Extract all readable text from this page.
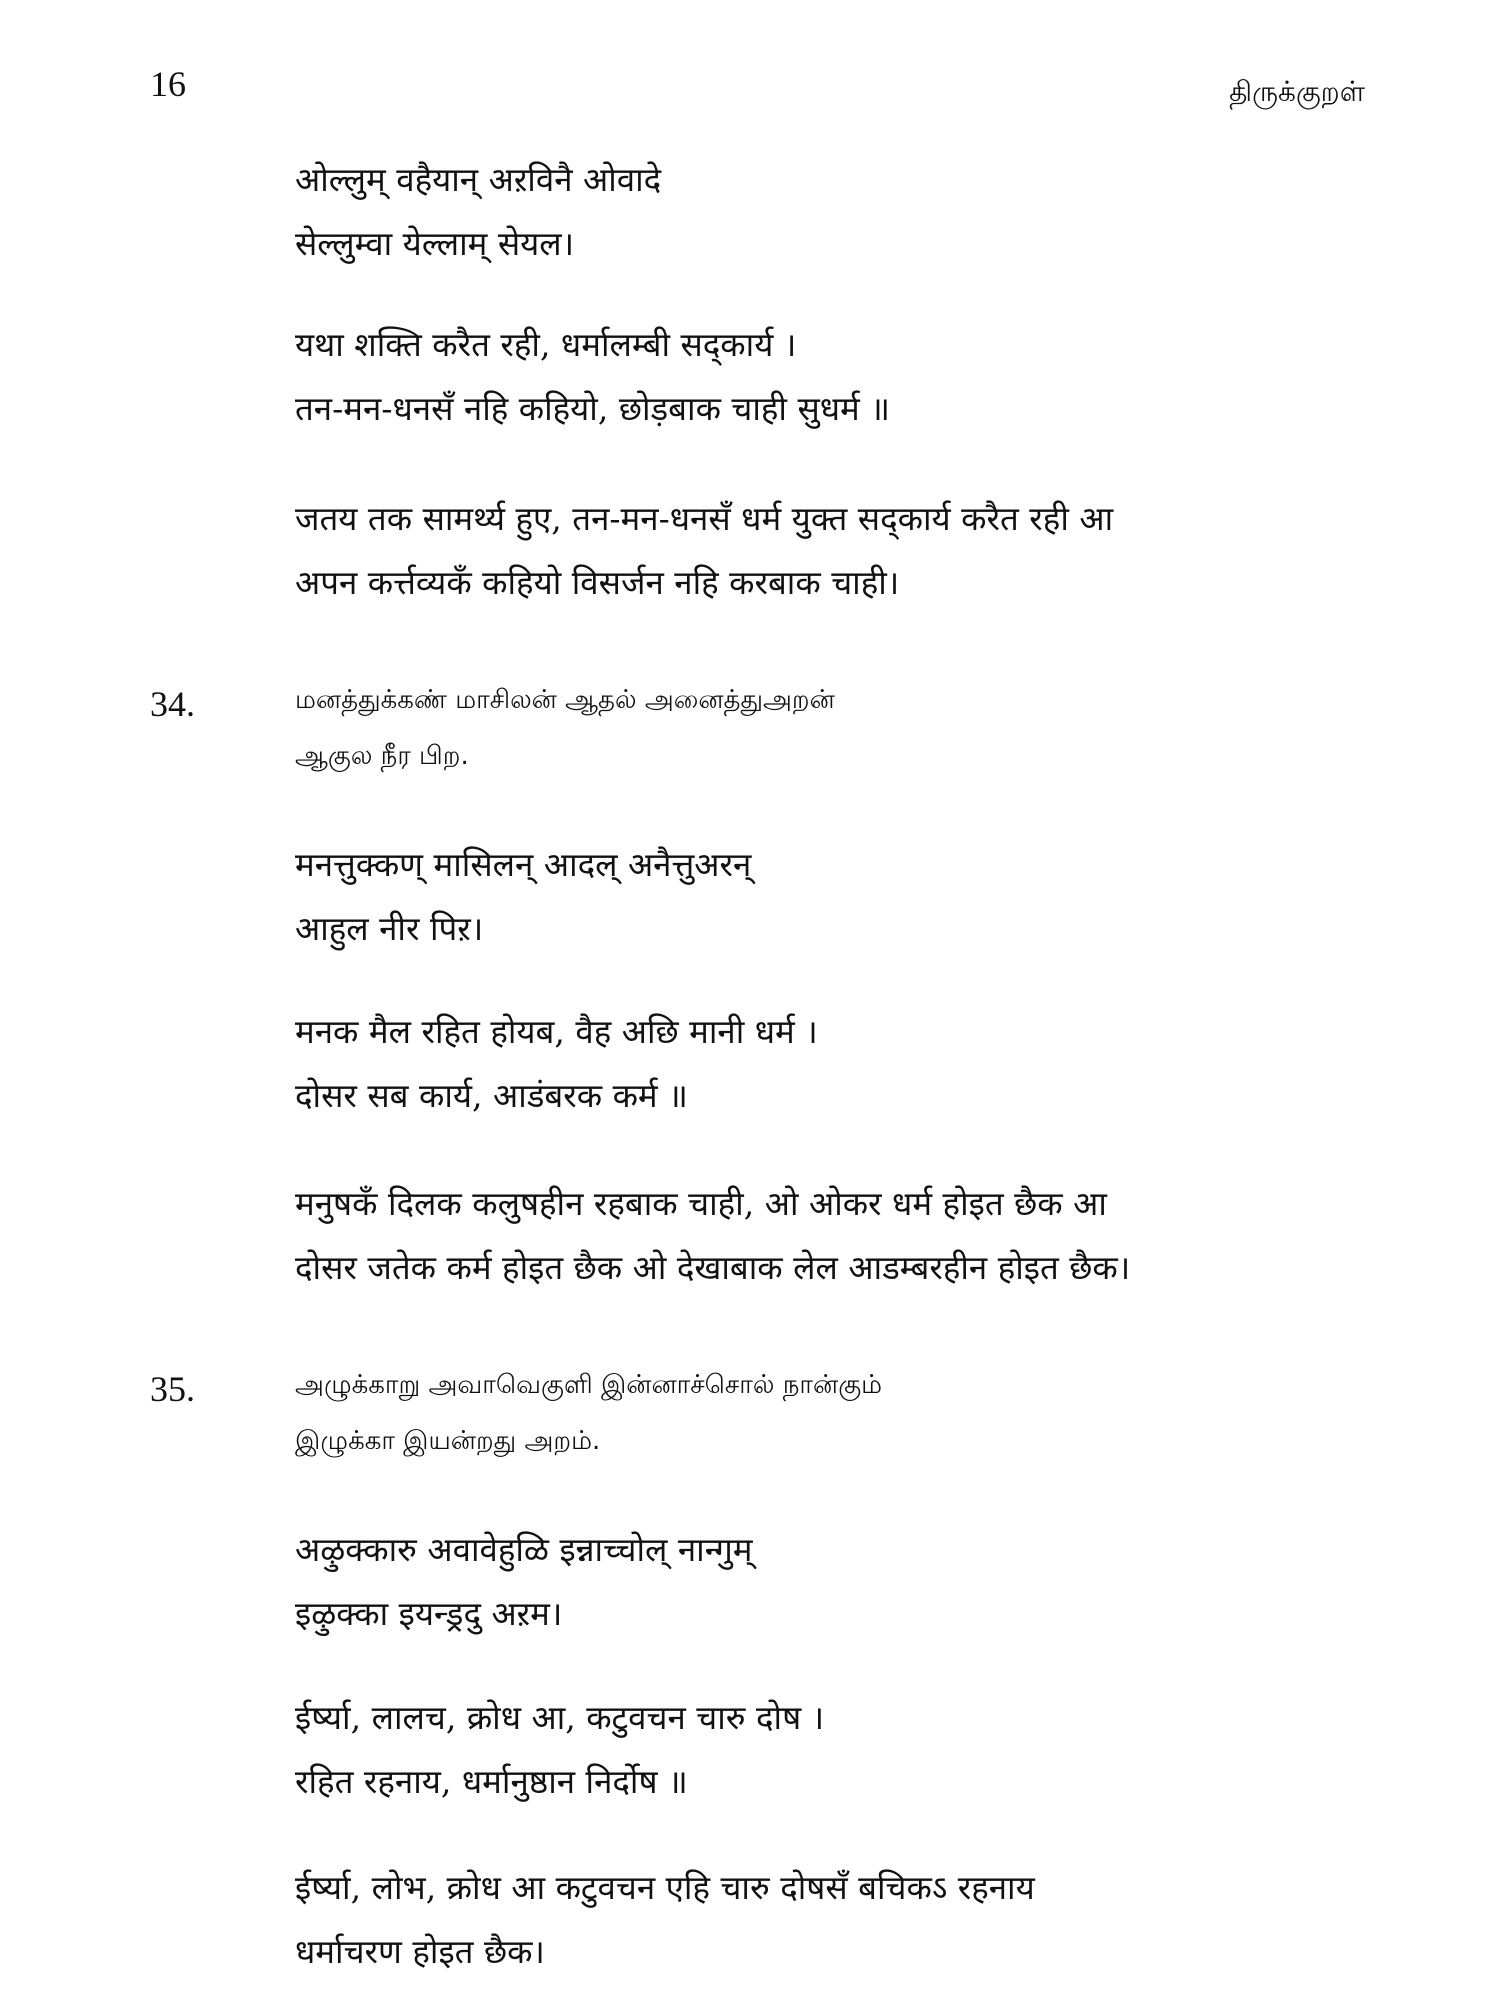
16	திருக்குறள்
ओल्लुम् वहैयान् अऱविनै ओवादे
सेल्लुम्वा येल्लाम् सेयल।
यथा शक्ति करैत रही, धर्मालम्बी सद्कार्य ।
तन-मन-धनसँ नहि कहियो, छोड़बाक चाही सुधर्म ॥
जतय तक सामर्थ्य हुए, तन-मन-धनसँ धर्म युक्त सद्कार्य करैत रही आ
अपन कर्त्तव्यकँ कहियो विसर्जन नहि करबाक चाही।
34.	மனத்துக்கண் மாசிலன் ஆதல் அனைத்துஅறன்
ஆகுல நீர பிற.
मनत्तुक्कण् मासिलन् आदल् अनैत्तुअरन्
आहुल नीर पिऱ।
मनक मैल रहित होयब, वैह अछि मानी धर्म ।
दोसर सब कार्य, आडंबरक कर्म ॥
मनुषकँ दिलक कलुषहीन रहबाक चाही, ओ ओकर धर्म होइत छैक आ
दोसर जतेक कर्म होइत छैक ओ देखाबाक लेल आडम्बरहीन होइत छैक।
35.	அழுக்காறு அவாவெகுளி இன்னாச்சொல் நான்கும்
இழுக்கா இயன்றது அறம்.
अऴुक्कारु अवावेहुळि इन्नाच्चोल् नान्गुम्
इऴुक्का इयन्ड्रदु अऱम।
ईर्ष्या, लालच, क्रोध आ, कटुवचन चारु दोष ।
रहित रहनाय, धर्मानुष्ठान निर्दोष ॥
ईर्ष्या, लोभ, क्रोध आ कटुवचन एहि चारु दोषसँ बचिकऽ रहनाय
धर्माचरण होइत छैक।
